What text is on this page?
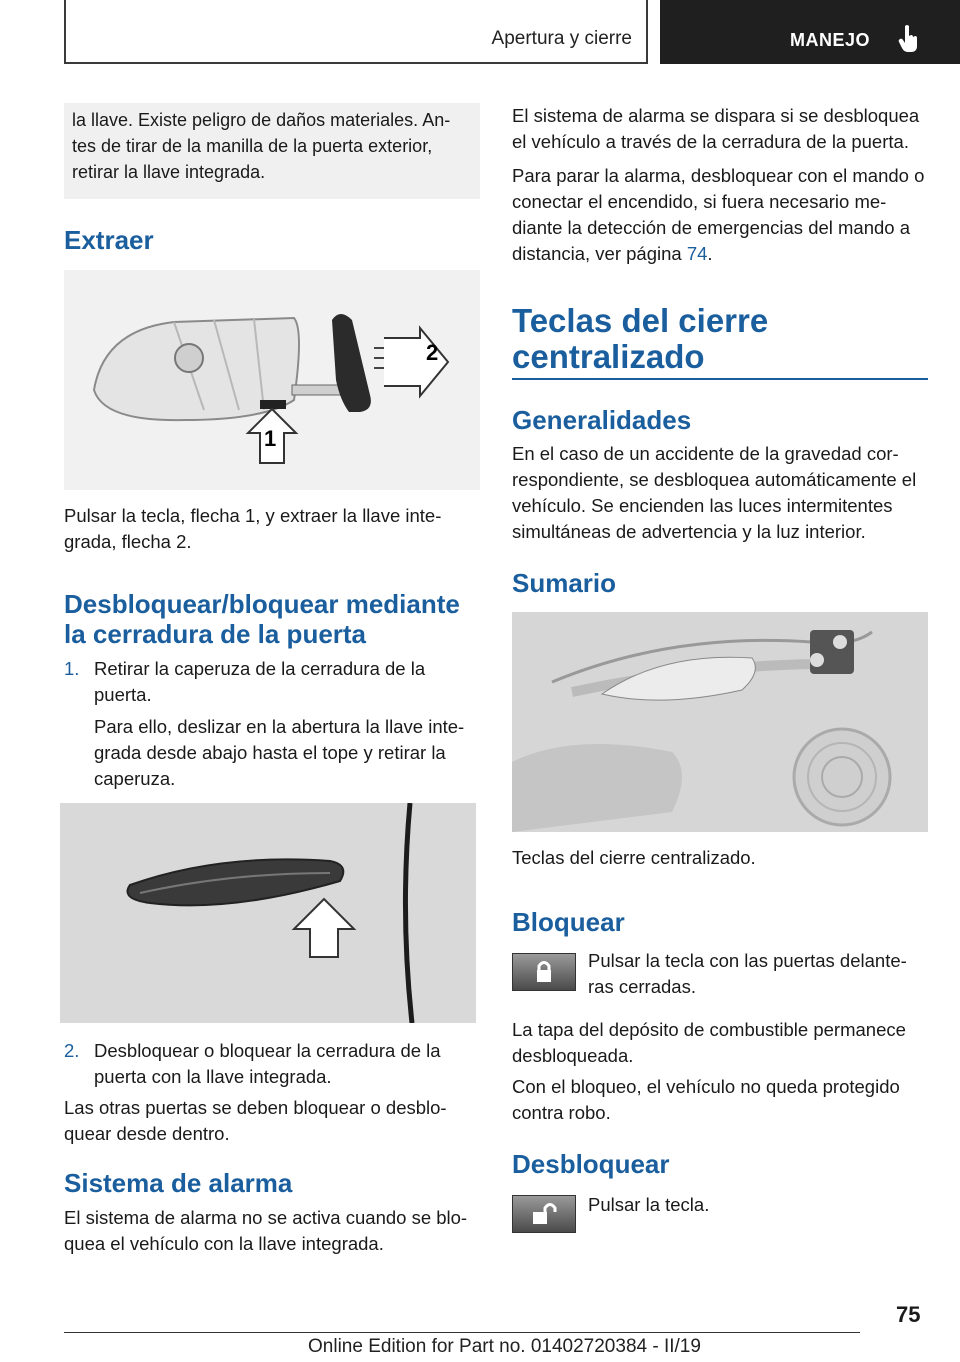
Apertura y cierre	MANEJO

la llave. Existe peligro de daños materiales. An‐tes de tirar de la manilla de la puerta exterior, retirar la llave integrada.

Extraer
2
1

Pulsar la tecla, flecha 1, y extraer la llave inte‐grada, flecha 2.

Desbloquear/bloquear mediante
la cerradura de la puerta

1. Retirar la caperuza de la cerradura de la puerta.

Para ello, deslizar en la abertura la llave inte‐grada desde abajo hasta el tope y retirar la caperuza.

2. Desbloquear o bloquear la cerradura de la puerta con la llave integrada.

Las otras puertas se deben bloquear o desblo‐quear desde dentro.

Sistema de alarma

El sistema de alarma no se activa cuando se blo‐quea el vehículo con la llave integrada.

El sistema de alarma se dispara si se desbloquea el vehículo a través de la cerradura de la puerta.

Para parar la alarma, desbloquear con el mando o conectar el encendido, si fuera necesario me‐diante la detección de emergencias del mando a distancia, ver página 74.

Teclas del cierre
centralizado
Generalidades

En el caso de un accidente de la gravedad cor‐respondiente, se desbloquea automáticamente el vehículo. Se encienden las luces intermitentes simultáneas de advertencia y la luz interior.

Sumario

Teclas del cierre centralizado.

Bloquear

Pulsar la tecla con las puertas delante‐ras cerradas.

La tapa del depósito de combustible permanece desbloqueada.

Con el bloqueo, el vehículo no queda protegido contra robo.

Desbloquear

Pulsar la tecla.

75
Online Edition for Part no. 01402720384 - II/19
